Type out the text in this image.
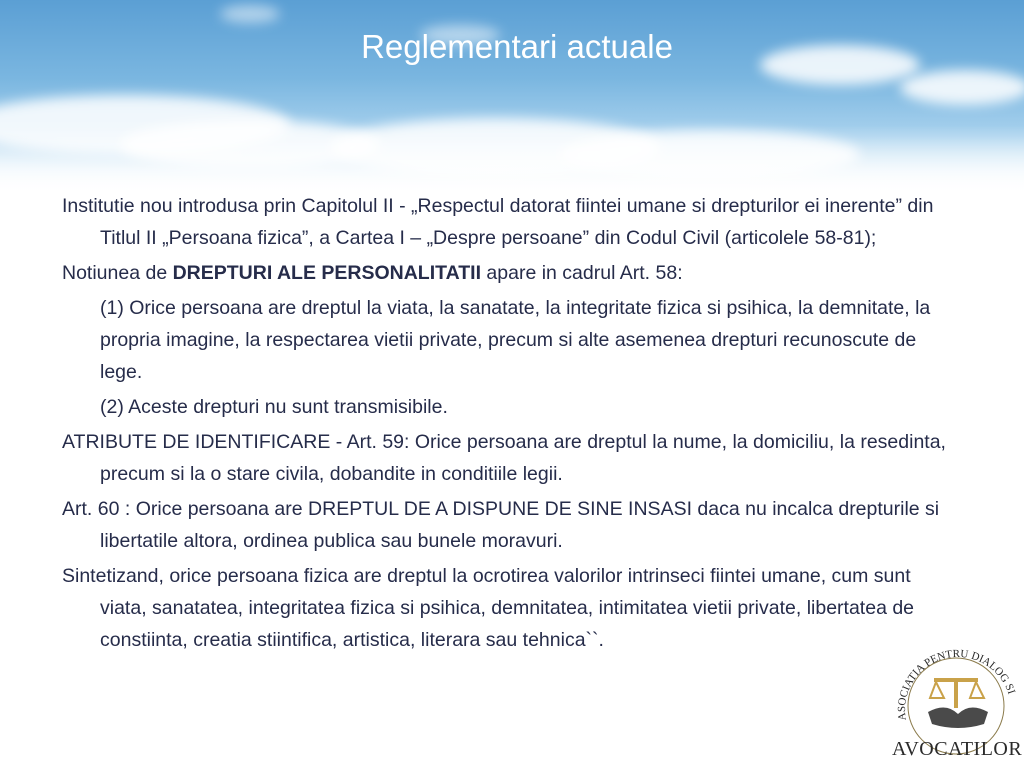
Reglementari actuale

Institutie nou introdusa prin Capitolul II - „Respectul datorat fiintei umane si drepturilor ei inerente” din Titlul II „Persoana fizica”, a Cartea I – „Despre persoane” din Codul Civil (articolele 58-81);

Notiunea de DREPTURI ALE PERSONALITATII apare in cadrul Art. 58:

(1) Orice persoana are dreptul la viata, la sanatate, la integritate fizica si psihica, la demnitate, la propria imagine, la respectarea vietii private, precum si alte asemenea drepturi recunoscute de lege.

(2) Aceste drepturi nu sunt transmisibile.

ATRIBUTE DE IDENTIFICARE - Art. 59: Orice persoana are dreptul la nume, la domiciliu, la resedinta, precum si la o stare civila, dobandite in conditiile legii.

Art. 60 : Orice persoana are DREPTUL DE A DISPUNE DE SINE INSASI daca nu incalca drepturile si libertatile altora, ordinea publica sau bunele moravuri.

Sintetizand, orice persoana fizica are dreptul la ocrotirea valorilor intrinseci fiintei umane, cum sunt viata, sanatatea, integritatea fizica si psihica, demnitatea, intimitatea vietii private, libertatea de constiinta, creatia stiintifica, artistica, literara sau tehnica``.

ASOCIATIA PENTRU DIALOG SI
AVOCATILOR
